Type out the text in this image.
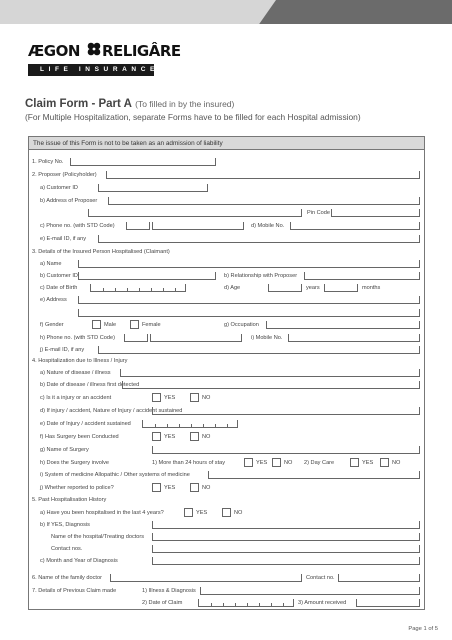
ÆGON RELIGÂRE
LIFE INSURANCE
Claim Form - Part A (To filled in by the insured)
(For Multiple Hospitalization, separate Forms have to be filled for each Hospital admission)
The issue of this Form is not to be taken as an admission of liability
1. Policy No.
2. Proposer (Policyholder)
a) Customer ID
b) Address of Proposer
Pin Code
c) Phone no. (with STD Code)	d) Mobile No.
e) E-mail ID, if any
3. Details of the Insured Person Hospitalised (Claimant)
a) Name
b) Customer ID	b) Relationship with Proposer
c) Date of Birth	d) Age	years	months
e) Address
f) Gender	Male	Female	g) Occupation
h) Phone no. (with STD Code)	i) Mobile No.
j) E-mail ID, if any
4. Hospitalization due to Illness / Injury
a) Nature of disease / illness
b) Date of disease / illness first detected
c) Is it a injury or an accident	YES	NO
d) If injury / accident, Nature of Injury / accident sustained
e) Date of Injury / accident sustained
f) Has Surgery been Conducted	YES	NO
g) Name of Surgery
h) Does the Surgery involve	1) More than 24 hours of stay	YES	NO 2) Day Care	YES	NO
i) System of medicine Allopathic / Other systems of medicine
j) Whether reported to police?	YES	NO
5. Past Hospitalisation History
a) Have you been hospitalised in the last 4 years?	YES	NO
b) If YES, Diagnosis
Name of the hospital/Treating doctors
Contact nos.
c) Month and Year of Diagnosis
6. Name of the family doctor	Contact no.
7. Details of Previous Claim made	1) Illness & Diagnosis
2) Date of Claim	3) Amount received
Page 1 of 5
